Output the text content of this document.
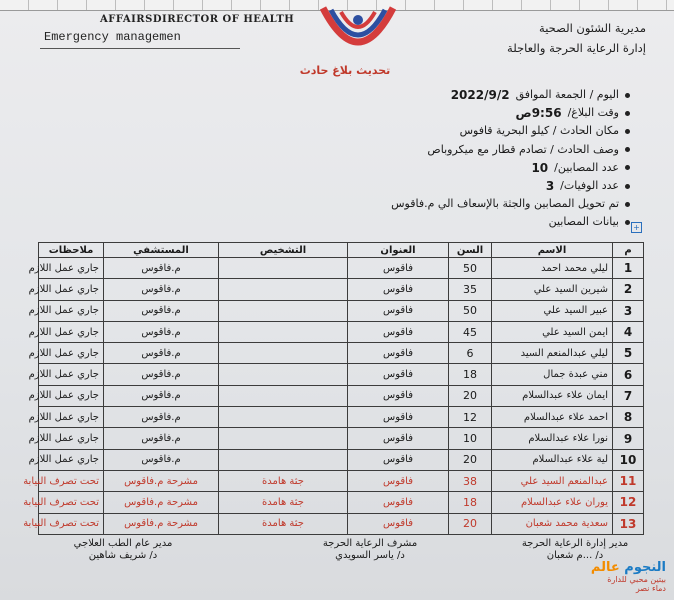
AFFAIRSDIRECTOR OF HEALTH
Emergency managemen
مديرية الشئون الصحية
إدارة الرعاية الحرجة والعاجلة
تحديث بلاغ حادث
اليوم / الجمعة الموافق
2022/9/2
وقت البلاغ/
9:56ص
مكان الحادث / كيلو البحرية قافوس
وصف الحادث / تصادم قطار مع ميكروباص
عدد المصابين/
10
عدد الوفيات/
3
تم تحويل المصابين والجثة بالإسعاف الي م.فاقوس
بيانات المصابين +
م	الاسم	السن	العنوان	التشخيص	المستشفي	ملاحظات
1	ليلي محمد احمد	50	فاقوس		م.فاقوس	جاري عمل اللازم
2	شيرين السيد علي	35	فاقوس		م.فاقوس	جاري عمل اللازم
3	عبير السيد علي	50	فاقوس		م.فاقوس	جاري عمل اللازم
4	ايمن السيد علي	45	فاقوس		م.فاقوس	جاري عمل اللازم
5	ليلي عبدالمنعم السيد	6	فاقوس		م.فاقوس	جاري عمل اللازم
6	مني عبدة جمال	18	فاقوس		م.فاقوس	جاري عمل اللازم
7	ايمان علاء عبدالسلام	20	فاقوس		م.فاقوس	جاري عمل اللازم
8	احمد علاء عبدالسلام	12	فاقوس		م.فاقوس	جاري عمل اللازم
9	نورا علاء عبدالسلام	10	فاقوس		م.فاقوس	جاري عمل اللازم
10	لية علاء عبدالسلام	20	فاقوس		م.فاقوس	جاري عمل اللازم
11	عبدالمنعم السيد علي	38	فاقوس	جثة هامدة	مشرحة م.فاقوس	تحت تصرف النيابة
12	يوران علاء عبدالسلام	18	فاقوس	جثة هامدة	مشرحة م.فاقوس	تحت تصرف النيابة
13	سعدية محمد شعبان	20	فاقوس	جثة هامدة	مشرحة م.فاقوس	تحت تصرف النيابة
مدير عام الطب العلاجي
د/ شريف شاهين
مشرف الرعاية الحرجة
د/ ياسر السويدي
مدير إدارة الرعاية الحرجة
د/ ...م شعبان
النجوم عالم
بيتين محبي للدارة
دماء نصر
